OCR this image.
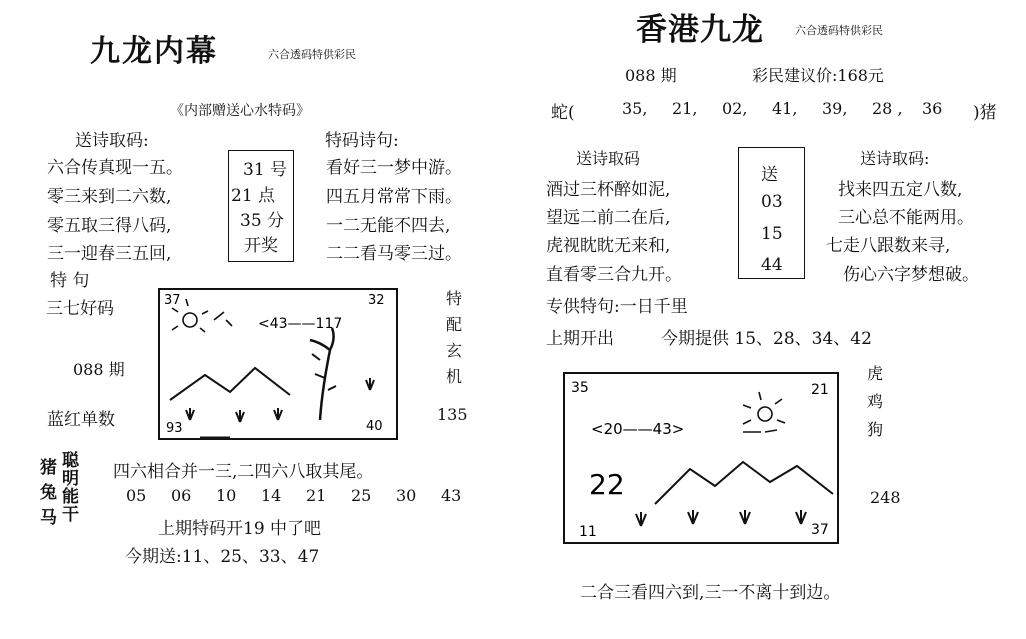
九龙内幕	六合透码特供彩民
《内部赠送心水特码》
送诗取码:	特码诗句:
六合传真现一五。
零三来到二六数,
零五取三得八码,
三一迎春三五回,
31 号
21 点
35 分
开奖
看好三一梦中游。
四五月常常下雨。
一二无能不四去,
二二看马零三过。
特 句
三七好码
088 期
蓝红单数
37	32
93	40
<43——117
特
配
玄
机
135
猪
兔
马
聪
明
能
干
四六相合并一三,二四六八取其尾。
05 06 10 14 21 25 30 43
上期特码开19 中了吧
今期送:11、25、33、47
香港九龙	六合透码特供彩民
088 期	彩民建议价:168元
蛇(	35, 21, 02, 41, 39, 28 , 36	)猪
送诗取码	送诗取码:
酒过三杯醉如泥,
望远二前二在后,
虎视眈眈无来和,
直看零三合九开。
送
03
15
44
找来四五定八数,
三心总不能两用。
七走八跟数来寻,
伤心六字梦想破。
专供特句:一日千里
上期开出	今期提供 15、28、34、42
35	21
11	37
<20——43>
22
虎
鸡
狗
248
二合三看四六到,三一不离十到边。
